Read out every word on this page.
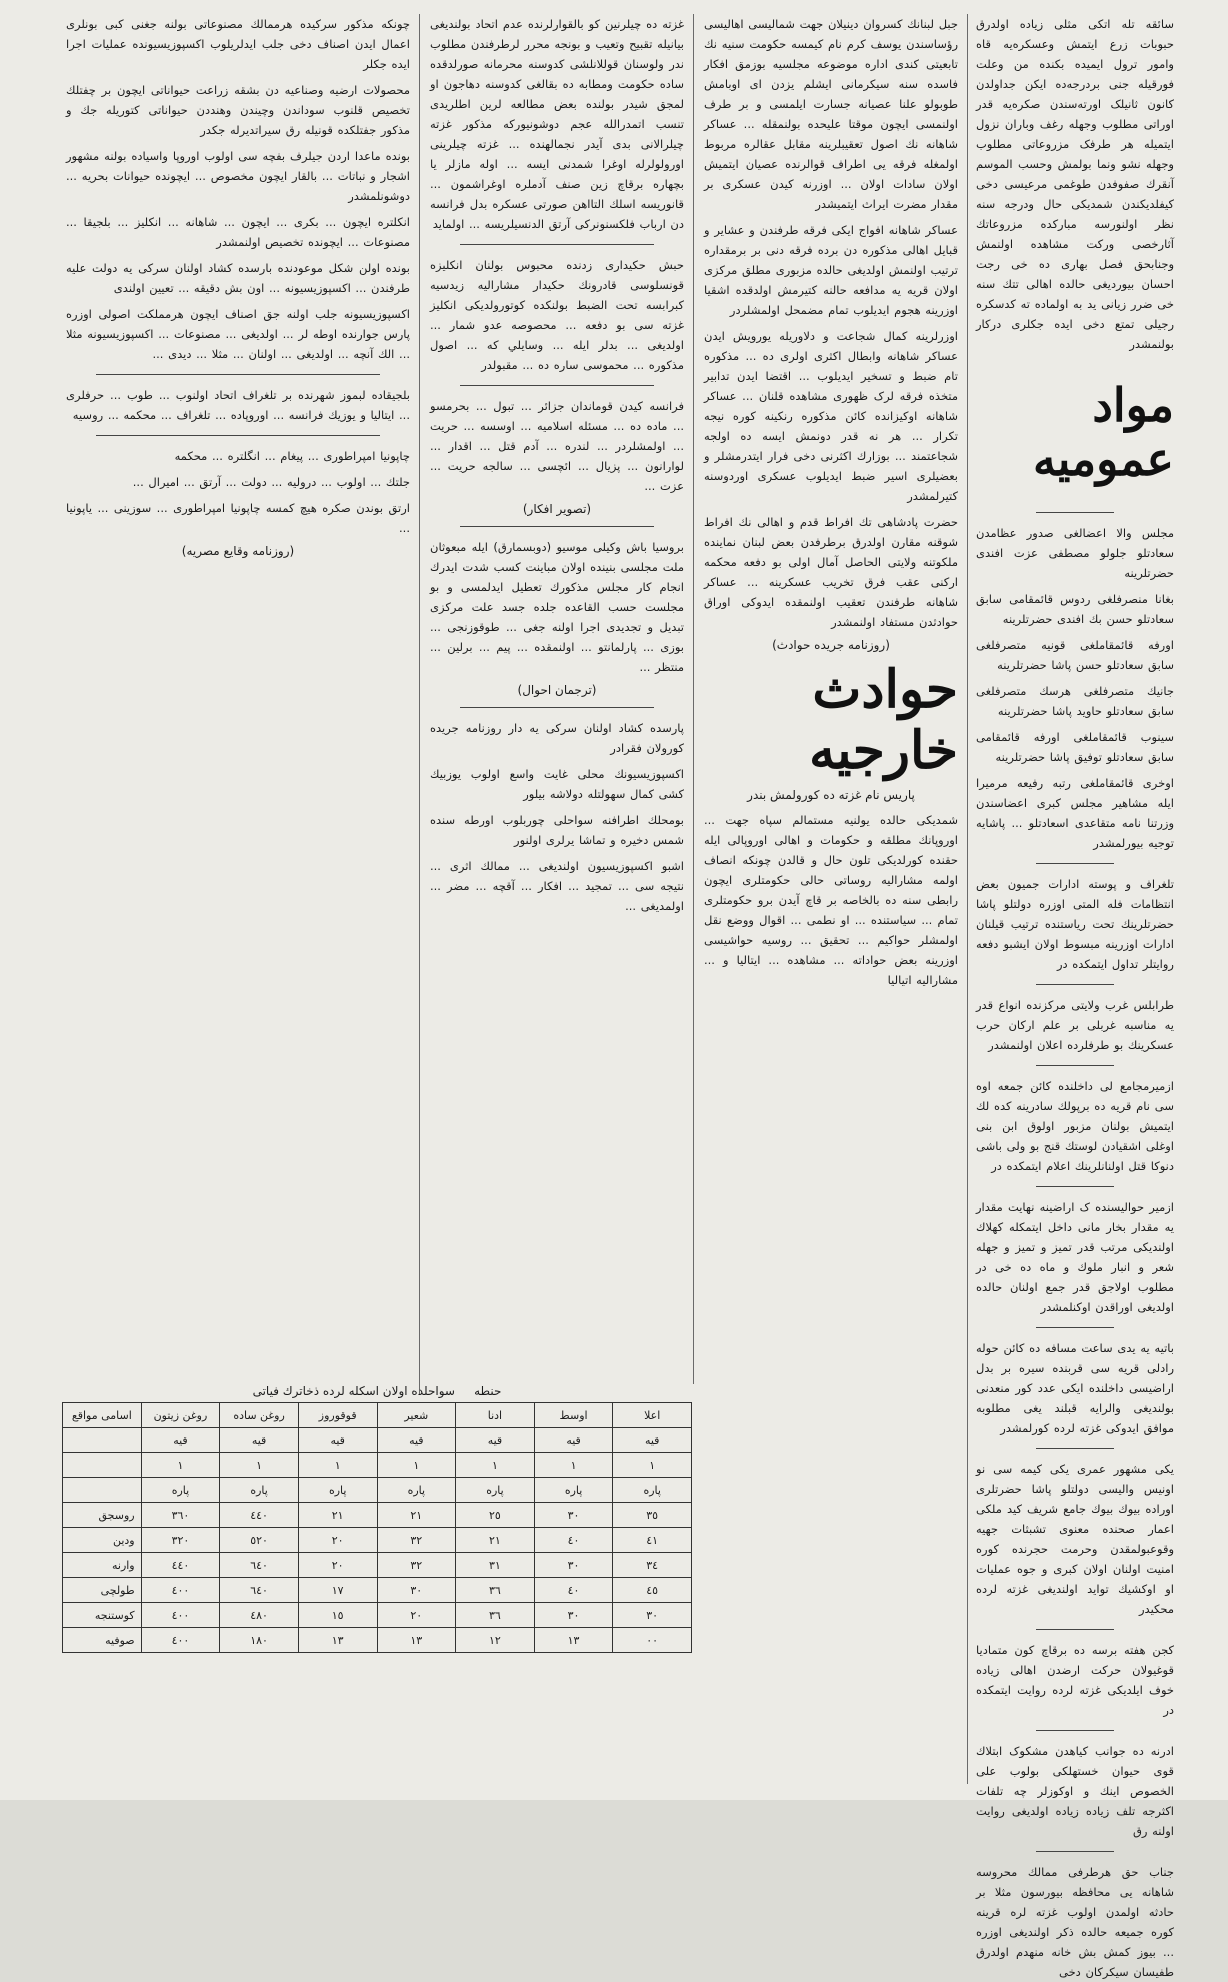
سائقه تله اتکی مثلی زیاده اولدرق حبوبات زرع ایتمش وعسکرەیه قاه وامور ترول ایمیده بکنده من وعلت فورقیلە جنی بردرجه‌ده ایکن جداولدن کانون ثانیلک اورتەسندن صکره‌یه قدر اوراتی مطلوب وجهله رغف وباران نزول ایتمیله هر طرفک مزروعاتی مطلوب وجهله نشو ونما بولمش وحسب الموسم آنقرك صفوفدن طوغمی مرعیسی دخی کیفلدیکندن شمدیکی حال ودرجه سنه نظر اولنورسه مبارکده مزروعاتك آثارخصی ورکت مشاهده اولنمش وجنابحق فصل بهاری ده‌ خی رجت احسان بیوردیغی حالده اهالی تتك سنه‌ خی ضرر زیانی ید به اولمادە ته کدسکره رجیلی تمتع دخی ایده جکلری درکار بولنمشدر

مواد عمومیه

مجلس والا اعضالغی صدور عظامدن سعادتلو جلولو مصطفی عزت افندی حضرتلرینه

بغانا منصرفلغی ردوس قائمقامی سابق سعادتلو حسن بك افندی حضرتلرینه

اورفه قائمقاملغی قونیه متصرفلغی سابق سعادتلو حسن پاشا حضرتلرینه

جانیك متصرفلغی هرسك متصرفلغی سابق سعادتلو حاوید پاشا حضرتلرینه

سینوب قائمقاملغی اورفه قائمقامی سابق سعادتلو توفیق پاشا حضرتلرینه

اوخری قائمقاملغی رتبه رفیعه مرمیرا ایله مشاهیر مجلس کبری اعضاسندن وزرتنا نامه متقاعدی اسعادتلو ... پاشایه توجیه بیورلمشدر

تلغراف و پوسته ادارات جمیون بعض انتظامات فله المتی اوزره دولتلو پاشا حضرتلرینك تحت رياستنده ترتیب قیلنان ادارات اوزرینه مبسوط اولان ایشبو دفعه روایتلر تداول ایتمکده‌ در

طرابلس غرب ولایتی مرکزنده انواع قدر یه مناسبه غربلی بر علم ارکان حرب عسکرینك بو طرفلرده اعلان اولنمشدر

ازمیرمجامع لی داخلنده کائن جمعه اوه‌ سی نام قریه ده برپولك سادرینه كده لك ایتمیش بولنان مزبور اولوق ابن بنی اوغلی اشقیادن لوستك قنج بو ولی باشی دنوکا قتل اولنانلرینك اعلام ایتمکده‌ در

ازمیر حوالیسنده ک اراضینه نهایت مقدار یه مقدار بخار مانی داخل ایتمکله کهلاك اولندیکی مرتب قدر تمیز و تمیز و جهله شعر و انبار ملوك و ماه ده‌ خی در مطلوب اولاجق قدر جمع اولنان حالده اولدیغی اوراقدن اوکنلمشدر

باتیه یه یدی ساعت مسافه ده کائن حوله رادلی قریه سی قربنده سیره بر بدل اراضیسی داخلنده ایکی عدد کور منعدنی بولندیغی والرایه قبلند یغی مطلوبه موافق ایدوکی غزته لرده کورلمشدر

یکی مشهور عمری یکی کیمه سی نو اونیس والیسی دولتلو پاشا حضرتلری اوراده بیوك بیوك جامع شریف کید ملکی اعمار صحنده معنوی تشبثات جهیه وقوعبولمقدن وحرمت حجرنده کوره امنیت اولنان اولان کبری و جوه عملیات او اوکشیك تواید اولندیغی غزته لرده محکیدر

کجن هفته برسه ده برقاچ کون متمادیا قوغیولان حرکت ارضدن اهالی زیاده خوف ایلدیکی غزته لرده روایت ایتمکده‌ در

ادرنه ده جوانب کیاهدن مشکوک ابتلاك قوی حیوان خستهلکی بولوب علی الخصوص اینك و اوکوزلر چه تلفات اکثرجه تلف زیاده زیاده اولدیغی روایت اولنه رق

جناب حق هرطرفی ممالك محروسه شاهانه یی محافظه بیورسون مثلا بر حادثه اولمدن اولوب غزته لره قرینه کوره جمیعه حالده ذکر اولندیغی اوزره ... بیوز کمش بش خانه منهدم اولدرق طفیسان سیکرکان دخی

جبل لبنانك کسروان دینیلان جهت شمالیسی اهالیسی رؤساسندن یوسف کرم نام کیمسه حکومت سنیه نك تابعیتی کندی اداره موضوعه مجلسیه بوزمق افکار فاسده سنه سیکرمانی ایشلم یزدن ای اوبامش طوبولو علنا عصیانه جسارت ایلمسی و بر طرف اولنمسی ایچون موقتا علیحده بولنمقله ... عساکر شاهانه نك اصول تعقیبلرینه مقابل عقالره مربوط اولمغله فرقه یی اطراف قوالرنده عصیان ایتمیش اولان سادات اولان ... اوزرنه کیدن عسکری بر مقدار مضرت ایراث ایتمیشدر

عساکر شاهانه افواج ایکی فرقه طرفندن و عشایر و قبایل اهالی مذکوره دن برده فرقه دنی بر برمقداره ترتیب اولنمش اولدیغی حالده مزبوری مطلق مرکزی اولان قریه یه مدافعه حالنه کتیرمش اولدقده اشقیا اوزرینه هجوم ایدیلوب تمام مضمحل اولمشلردر

اوزرلرینه کمال شجاعت و دلاوریله یورویش ایدن عساکر شاهانه وابطال اکثری اولری ده ... مذکوره تام ضبط و تسخیر ایدیلوب ... اقتضا ایدن تدابیر متخذه فرقه لرک ظهوری مشاهده قلنان ... عساکر شاهانه اوکیزانده کائن مذکوره رنكینه کوره نیجه تکرار ... هر نه قدر دونمش ایسه ده اولجه شجاعتمند ... بوزارك اکثرنی دخی فرار ایتدرمشلر و بعضیلری اسیر ضبط ایدیلوب عسکری اوردوسنه کتیرلمشدر

حضرت پادشاهی تك افراط قدم و اهالی نك افراط شوقنه مقارن اولدرق برطرفدن بعض لبنان نماینده ملکوتنه ولایتی الحاصل آمال اولی بو دفعه محکمه ارکنی عقب فرق تخریب عسکرینه ... عساکر شاهانه طرفندن تعقیب اولنمقده ایدوکی اوراق حوادثدن مستفاد اولنمشدر

(روزنامه جریده حوادث)
حوادث خارجیه
پاریس نام غزته‌ ده کورولمش بندر

شمدیکی حالده یولنیه مستمالم سپاه جهت ... اوروپانك مطلقه و حکومات و اهالی اوروپالی ایله حقنده کورلدیکی تلون حال و قالدن چونکه انصاف اولمه مشاراليه روساتی حالی حکومتلری ایچون رابطی سنه ده بالخاصه بر قاچ آیدن برو حکومتلری تمام ... سیاستنده ... او نطمی ... اقوال ووضع نقل اولمشلر حواکیم ... تحقیق ... روسیه حواشیسی اوزرینه بعض حواداته ... مشاهده ... ایتالیا و ... مشاراليه اتیالیا

غزته ده چیلرنین کو بالقوارلرنده عدم اتحاد بولندیغی بیانیله تقبیح وتعیب و بونجه محرر لرطرفندن مطلوب ندر ولوسنان قوللانلشی کدوسنه محرمانه صورلدقده ساده حکومت ومطابه ده بقالغی کدوسنه دهاجون او لمجق شیدر بولنده بعض مطالعه لرین اطلریدی تنسب اتمدرالله عجم دوشونیورکه مذکور غزته‌ چیلرالانی بدی آیدر نجمالهنده ... غزته‌ چیلرینی اورولولرله اوغرا شمدنی ایسه ... اوله مازلر یا بچهاره برقاچ زین صنف آدملره اوغراشمون ... قانوریسه اسلك التااهن صورتی عسکره بدل فرانسه دن ارباب فلکسنونرکی آرتق الدنسیلریسه ... اولماید

حبش حکیداری زدنده محبوس بولنان انکلیزه قونسلوسی قادرونك حکیدار مشاراليه زیدسیه کبرابسه تحت الضبط بولنکده کوتورولدیکی انکلیز غزته‌ سی بو دفعه ... محصوصه عدو شمار ... اولدیغی ... بدلر ایله ... وسایلي كه ... اصول مذکوره ... محموسی ساره ده ... مقبولدر

فرانسه کیدن قوماندان جزائر ... تبول ... بحرمسو ... ماده ده ... مسئله اسلامیه ... اوسسه ... حریت ... اولمشلردر ... لندره ... آدم قتل ... اقدار ... لوارانون ... پزیال ... ائچسی ... سالجه حریت ... عزت ...

(تصویر افکار)

بروسیا باش وکیلی موسیو (دوبسمارق) ایله مبعوثان ملت مجلسی بنینده اولان مباینت کسب شدت ایدرك انجام کار مجلس مذکورك تعطیل ایدلمسی و بو مجلست حسب القاعده جلده جسد علت مرکزی تبدیل و تجدیدی اجرا اولنه جغی ... طوقوزنجی ... بوزی ... پارلمانتو ... اولنمقده ... پیم ... برلین ... منتظر ...

(ترجمان احوال)

پارسده کشاد اولنان سرکی یه دار روزنامه جریده کورولان فقرادر

اکسپوزیسیونك محلی غایت واسع اولوب یوزبیك کشی کمال سهولتله دولاشه بیلور

بومحلك اطرافنه سواحلی چوربلوب اورطه سنده شمس دخیره و تماشا یرلری اولنور

اشبو اکسپوزیسیون اولندیغی ... ممالك اثری ... نتیجه سی ... تمجید ... افکار ... آقچه ... مضر ... اولمدیغی ...

چونکه مذکور سرکیده هرممالك مصنوعاتی بولنه جغنی کبی بونلری اعمال ایدن اصناف دخی جلب ایدلریلوب اکسپوزیسیونده عملیات اجرا ایده جکلر

محصولات ارضیه وصناعیه دن بشقه زراعت حیواناتی ایچون بر چفتلك تخصیص قلنوب سوداندن وچیندن وهنددن حیواناتی کتوریله جك و مذکور جفتلکده قونیله رق سیراتدیرله جکدر

بونده ماعدا اردن جیلرف بفچه سی اولوب اوروپا واسیاده بولنه مشهور اشجار و نباتات ... بالقار ایچون مخصوص ... ایچونده حیوانات بحریه ... دوشونلمشدر

انکلتره ایچون ... بکری ... ایچون ... شاهانه ... انکلیز ... بلجیقا ... مصنوعات ... ایچونده تخصیص اولنمشدر

بونده اولن شکل موعودنده بارسده کشاد اولنان سرکی یه دولت علیه طرفندن ... اکسپوزیسیونه ... اون بش دقیقه ... تعیین اولندی

اکسپوزیسیونه جلب اولنه جق اصناف ایچون هرمملکت اصولی اوزره پارس جوارنده اوطه لر ... اولدیغی ... مصنوعات ... اكسپوزيسيونه مثلا ... الك آنچه ... اولدیغی ... اولنان ... مثلا ... دیدی ...

بلجيقاده لبموز شهرنده بر تلغراف اتحاد اولنوب ... طوب ... حرفلری ... ایتالیا و یوزیك فرانسه ... اوروپاده ... تلغراف ... محکمه ... روسیه

چاپونیا امپراطوری ... پیغام ... انگلتره ... محکمه

جلتك ... اولوب ... درولیه ... دولت ... آرتق ... امیرال ...

ارتق بوندن صکره هیچ کمسه چاپونیا امپراطوری ... سوزینی ... یاپونیا ...

(روزنامه وقایع مصریه)
حنطه     سواحلده اولان اسکله لرده ذخاترك فیاتی
اعلا	اوسط	ادنا	شعیر	قوقوروز	روغن ساده	روغن زیتون	اسامی مواقع
قیه	قیه	قیه	قیه	قیه	قیه	قیه	
١	١	١	١	١	١	١	
پاره	پاره	پاره	پاره	پاره	پاره	پاره	
٣٥	٣٠	٢٥	٢١	٢١	٤٤٠	٣٦٠	روسجق
٤١	٤٠	٢١	٣٢	٢٠	٥٢٠	٣٢٠	ودين
٣٤	٣٠	٣١	٣٢	٢٠	٦٤٠	٤٤٠	وارنه
٤٥	٤٠	٣٦	٣٠	١٧	٦٤٠	٤٠٠	طولچى
٣٠	٣٠	٣٦	٢٠	١٥	٤٨٠	٤٠٠	کوستنجه
٠٠	١٣	١٢	١٣	١٣	١٨٠	٤٠٠	صوفیه
